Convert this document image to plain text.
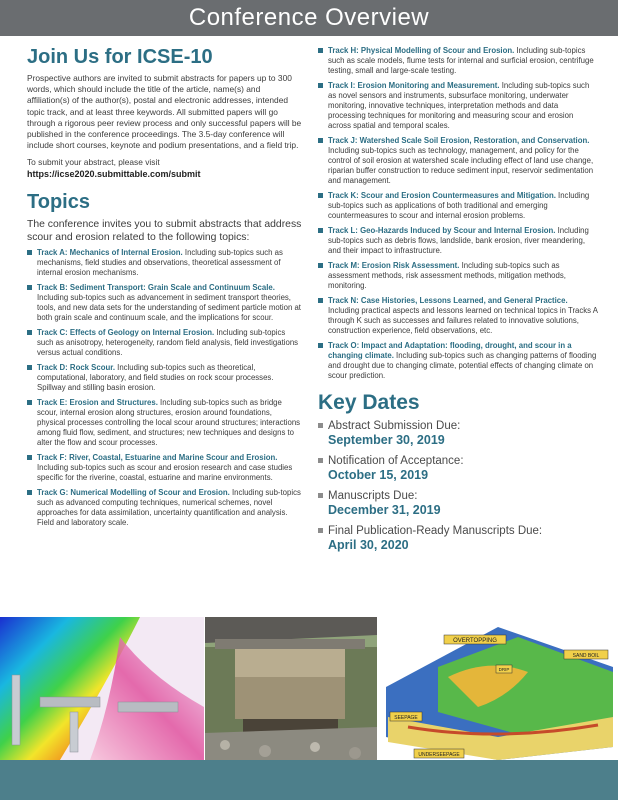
Conference Overview
Join Us for ICSE-10

Prospective authors are invited to submit abstracts for papers up to 300 words, which should include the title of the article, name(s) and affiliation(s) of the author(s), postal and electronic addresses, intended topic track, and at least three keywords. All submitted papers will go through a rigorous peer review process and only successful papers will be published in the conference proceedings. The 3.5-day conference will include short courses, keynote and podium presentations, and a field trip.

To submit your abstract, please visit

https://icse2020.submittable.com/submit

Topics

The conference invites you to submit abstracts that address scour and erosion related to the following topics:

Track A: Mechanics of Internal Erosion. Including sub-topics such as mechanisms, field studies and observations, theoretical assessment of internal erosion mechanisms.
Track B: Sediment Transport: Grain Scale and Continuum Scale. Including sub-topics such as advancement in sediment transport theories, tools, and new data sets for the understanding of sediment particle motion at both grain scale and continuum scale, and the implications for scour.
Track C: Effects of Geology on Internal Erosion. Including sub-topics such as anisotropy, heterogeneity, random field analysis, field investigations versus actual conditions.
Track D: Rock Scour. Including sub-topics such as theoretical, computational, laboratory, and field studies on rock scour processes. Spillway and stilling basin erosion.
Track E: Erosion and Structures. Including sub-topics such as bridge scour, internal erosion along structures, erosion around foundations, physical processes controlling the local scour around structures; interactions among fluid flow, sediment, and structures; new techniques and designs to alter the flow and scour processes.
Track F: River, Coastal, Estuarine and Marine Scour and Erosion. Including sub-topics such as scour and erosion research and case studies specific for the riverine, coastal, estuarine and marine environments.
Track G: Numerical Modelling of Scour and Erosion. Including sub-topics such as advanced computing techniques, numerical schemes, novel approaches for data assimilation, uncertainty quantification and analysis. Field and laboratory scale.
Track H: Physical Modelling of Scour and Erosion. Including sub-topics such as scale models, flume tests for internal and surficial erosion, centrifuge testing, small and large-scale testing.
Track I: Erosion Monitoring and Measurement. Including sub-topics such as novel sensors and instruments, subsurface monitoring, underwater monitoring, innovative techniques, interpretation methods and data processing techniques for monitoring and measuring scour and erosion across spatial and temporal scales.
Track J: Watershed Scale Soil Erosion, Restoration, and Conservation. Including sub-topics such as technology, management, and policy for the control of soil erosion at watershed scale including effect of land use change, riparian buffer construction to reduce sediment input, reservoir sedimentation and management.
Track K: Scour and Erosion Countermeasures and Mitigation. Including sub-topics such as applications of both traditional and emerging countermeasures to scour and internal erosion problems.
Track L: Geo-Hazards Induced by Scour and Internal Erosion. Including sub-topics such as debris flows, landslide, bank erosion, river meandering, and their impact to infrastructure.
Track M: Erosion Risk Assessment. Including sub-topics such as assessment methods, risk assessment methods, mitigation methods, monitoring.
Track N: Case Histories, Lessons Learned, and General Practice. Including practical aspects and lessons learned on technical topics in Tracks A through K such as successes and failures related to innovative solutions, construction experience, field observations, etc.
Track O: Impact and Adaptation: flooding, drought, and scour in a changing climate. Including sub-topics such as changing patterns of flooding and drought due to changing climate, potential effects of changing climate on scour prediction.
Key Dates
Abstract Submission Due:
September 30, 2019
Notification of Acceptance:
October 15, 2019
Manuscripts Due:
December 31, 2019
Final Publication-Ready Manuscripts Due:
April 30, 2020
OVERTOPPING
SAND BOIL
DRIP
SEEPAGE
UNDERSEEPAGE
